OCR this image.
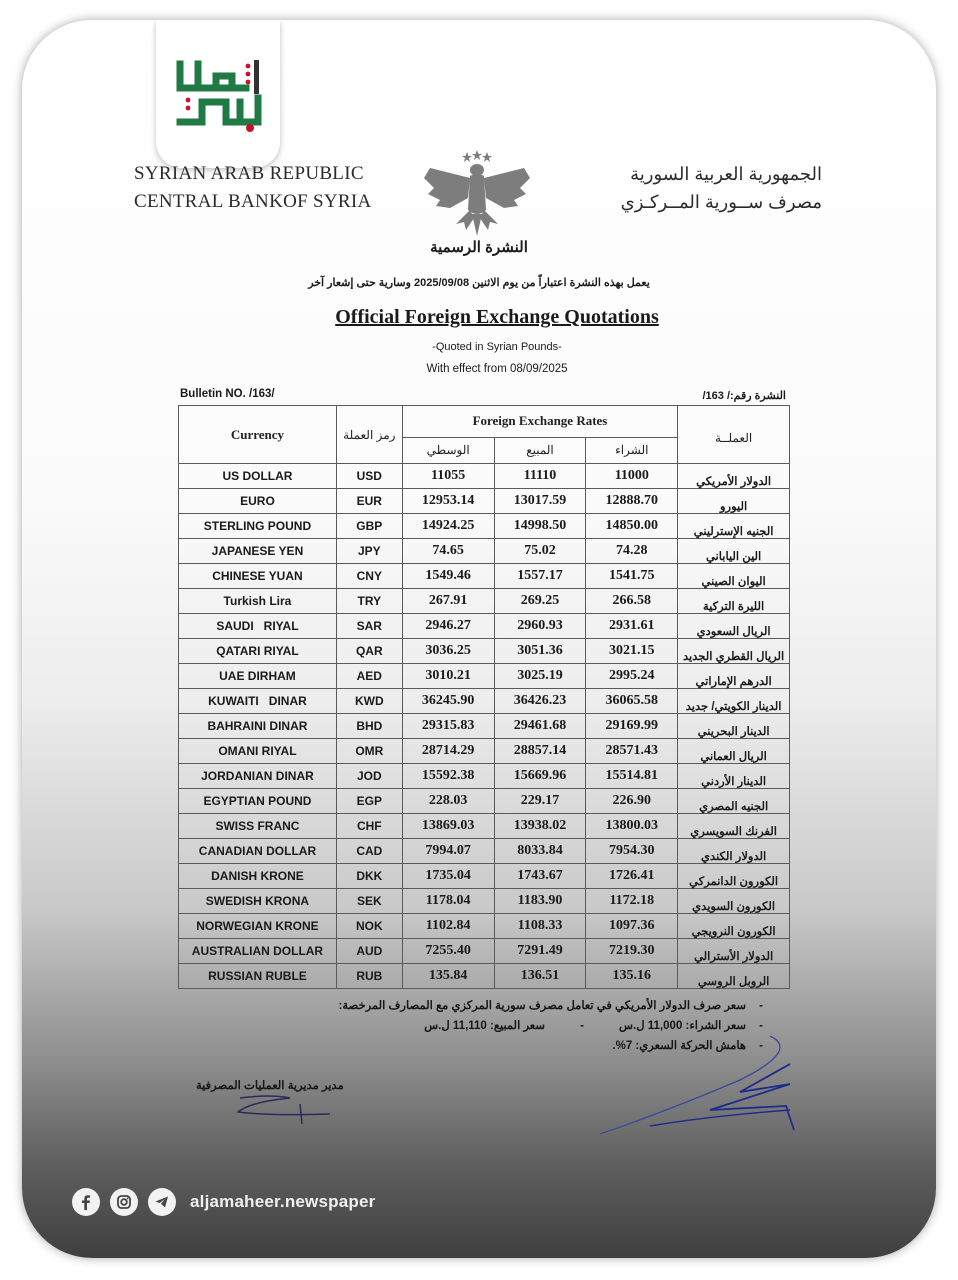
SYRIAN ARAB REPUBLIC
CENTRAL BANKOF SYRIA
الجمهورية العربية السورية
مصرف ســورية المــركـزي
النشرة الرسمية
يعمل بهذه النشرة اعتباراً من يوم الاثنين 2025/09/08 وسارية حتى إشعار آخر
Official Foreign Exchange Quotations
-Quoted in Syrian Pounds-
With effect from 08/09/2025
Bulletin NO. /163/	النشرة رقم:/ 163/
Currency	رمز العملة	Foreign Exchange Rates			العملــة
		الوسطي	المبيع	الشراء	
US DOLLAR	USD	11055	11110	11000	الدولار الأمريكي
EURO	EUR	12953.14	13017.59	12888.70	اليورو
STERLING POUND	GBP	14924.25	14998.50	14850.00	الجنيه الإسترليني
JAPANESE YEN	JPY	74.65	75.02	74.28	الين الياباني
CHINESE YUAN	CNY	1549.46	1557.17	1541.75	اليوان الصيني
Turkish Lira	TRY	267.91	269.25	266.58	الليرة التركية
SAUDI   RIYAL	SAR	2946.27	2960.93	2931.61	الريال السعودي
QATARI RIYAL	QAR	3036.25	3051.36	3021.15	الريال القطري الجديد
UAE DIRHAM	AED	3010.21	3025.19	2995.24	الدرهم الإماراتي
KUWAITI   DINAR	KWD	36245.90	36426.23	36065.58	الدينار الكويتي/ جديد
BAHRAINI DINAR	BHD	29315.83	29461.68	29169.99	الدينار البحريني
OMANI RIYAL	OMR	28714.29	28857.14	28571.43	الريال العماني
JORDANIAN DINAR	JOD	15592.38	15669.96	15514.81	الدينار الأردني
EGYPTIAN POUND	EGP	228.03	229.17	226.90	الجنيه المصري
SWISS FRANC	CHF	13869.03	13938.02	13800.03	الفرنك السويسري
CANADIAN DOLLAR	CAD	7994.07	8033.84	7954.30	الدولار الكندي
DANISH KRONE	DKK	1735.04	1743.67	1726.41	الكورون الدانمركي
SWEDISH KRONA	SEK	1178.04	1183.90	1172.18	الكورون السويدي
NORWEGIAN KRONE	NOK	1102.84	1108.33	1097.36	الكورون النرويجي
AUSTRALIAN DOLLAR	AUD	7255.40	7291.49	7219.30	الدولار الأسترالي
RUSSIAN RUBLE	RUB	135.84	136.51	135.16	الروبل الروسي
-
سعر صرف الدولار الأمريكي في تعامل مصرف سورية المركزي مع المصارف المرخصة:
-
سعر الشراء: 11,000 ل.س
-
سعر المبيع: 11,110 ل.س
-
هامش الحركة السعري: 7%.
مدير مديرية العمليات المصرفية
aljamaheer.newspaper
